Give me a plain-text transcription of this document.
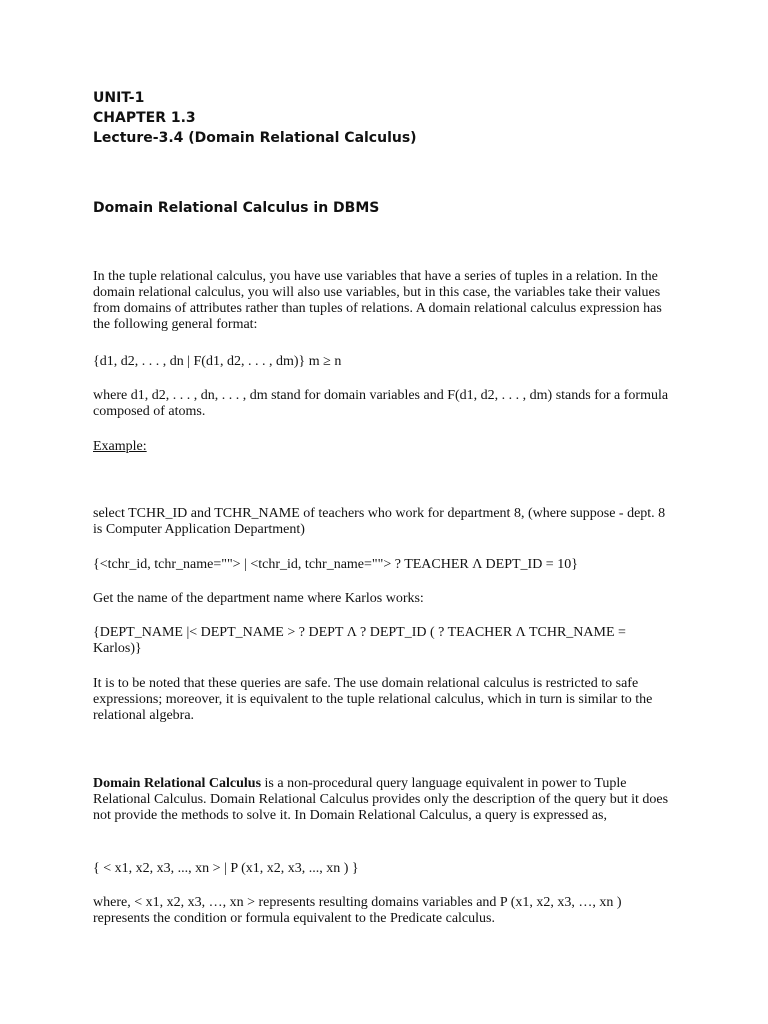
UNIT-1

CHAPTER 1.3

Lecture-3.4 (Domain Relational Calculus)

Domain Relational Calculus in DBMS

In the tuple relational calculus, you have use variables that have a series of tuples in a relation. In the domain relational calculus, you will also use variables, but in this case, the variables take their values from domains of attributes rather than tuples of relations. A domain relational calculus expression has the following general format:

{d1, d2, . . . , dn | F(d1, d2, . . . , dm)} m ≥ n

where d1, d2, . . . , dn, . . . , dm stand for domain variables and F(d1, d2, . . . , dm) stands for a formula composed of atoms.

Example:

select TCHR_ID and TCHR_NAME of teachers who work for department 8, (where suppose - dept. 8 is Computer Application Department)

{<tchr_id, tchr_name=""> | <tchr_id, tchr_name=""> ? TEACHER Λ DEPT_ID = 10}

Get the name of the department name where Karlos works:

{DEPT_NAME |< DEPT_NAME > ? DEPT Λ ? DEPT_ID ( ? TEACHER Λ TCHR_NAME = Karlos)}

It is to be noted that these queries are safe. The use domain relational calculus is restricted to safe expressions; moreover, it is equivalent to the tuple relational calculus, which in turn is similar to the relational algebra.

Domain Relational Calculus is a non-procedural query language equivalent in power to Tuple Relational Calculus. Domain Relational Calculus provides only the description of the query but it does not provide the methods to solve it. In Domain Relational Calculus, a query is expressed as,

{ < x1, x2, x3, ..., xn > | P (x1, x2, x3, ..., xn ) }

where, < x1, x2, x3, …, xn > represents resulting domains variables and P (x1, x2, x3, …, xn ) represents the condition or formula equivalent to the Predicate calculus.
